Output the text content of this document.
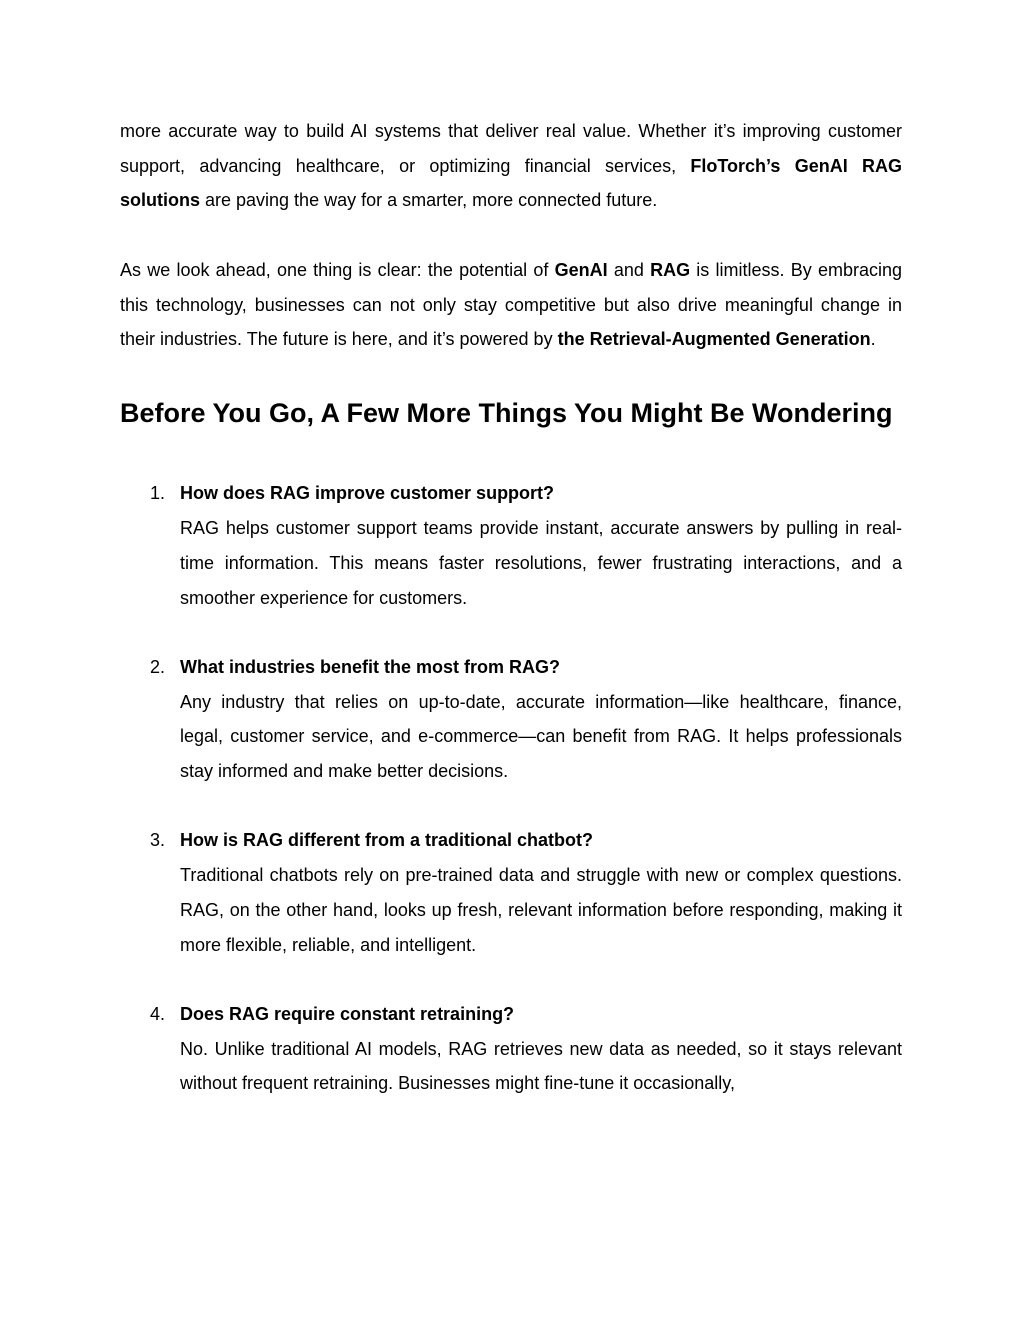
more accurate way to build AI systems that deliver real value. Whether it’s improving customer support, advancing healthcare, or optimizing financial services, FloTorch’s GenAI RAG solutions are paving the way for a smarter, more connected future.

As we look ahead, one thing is clear: the potential of GenAI and RAG is limitless. By embracing this technology, businesses can not only stay competitive but also drive meaningful change in their industries. The future is here, and it’s powered by the Retrieval-Augmented Generation.

Before You Go, A Few More Things You Might Be Wondering
1. How does RAG improve customer support?
RAG helps customer support teams provide instant, accurate answers by pulling in real-time information. This means faster resolutions, fewer frustrating interactions, and a smoother experience for customers.
2. What industries benefit the most from RAG?
Any industry that relies on up-to-date, accurate information—like healthcare, finance, legal, customer service, and e-commerce—can benefit from RAG. It helps professionals stay informed and make better decisions.
3. How is RAG different from a traditional chatbot?
Traditional chatbots rely on pre-trained data and struggle with new or complex questions. RAG, on the other hand, looks up fresh, relevant information before responding, making it more flexible, reliable, and intelligent.
4. Does RAG require constant retraining?
No. Unlike traditional AI models, RAG retrieves new data as needed, so it stays relevant without frequent retraining. Businesses might fine-tune it occasionally,
